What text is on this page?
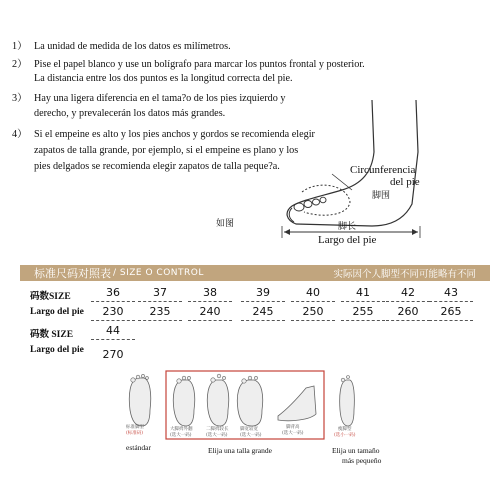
1） La unidad de medida de los datos es milímetros.
2） Pise el papel blanco y use un bolígrafo para marcar los puntos frontal y posterior.
La distancia entre los dos puntos es la longitud correcta del pie.
3） Hay una ligera diferencia en el tama?o de los pies izquierdo y
derecho, y prevalecerán los datos más grandes.
4） Si el empeine es alto y los pies anchos y gordos se recomienda elegir
zapatos de talla grande, por ejemplo, si el empeine es plano y los
pies delgados se recomienda elegir zapatos de talla peque?a.	Circunferencia
del pie
脚围
脚长
Largo del pie
如图
标准尺码对照表 / SIZE O CONTROL	实际因个人脚型不同可能略有不同
码数SIZE	36	37	38	39	40	41	42	43
Largo del pie	230	235	240	245	250	255	260	265
码数 SIZE	44
Largo del pie	270
标准脚型
(标准码)
大脚拇外翻
(选大一码)
二脚拇较长
(选大一码)
脚宽较宽
(选大一码)
脚背高
(选大一码)
瘦脚型
(选小一码)
estándar	Elija una talla grande	Elija un tamaño
más pequeño
